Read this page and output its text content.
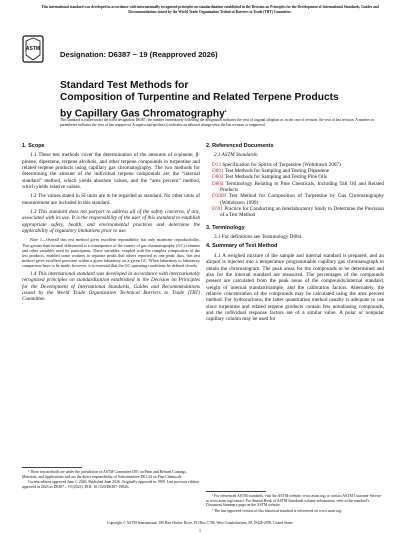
This international standard was developed in accordance with internationally recognized principles on standardization established in the Decision on Principles for the Development of International Standards, Guides and Recommendations issued by the World Trade Organization Technical Barriers to Trade (TBT) Committee.
ASTM
Designation: D6387 − 19 (Reapproved 2026)
Standard Test Methods for
Composition of Turpentine and Related Terpene Products
by Capillary Gas Chromatography$^1$
This standard is issued under the fixed designation D6387; the number immediately following the designation indicates the year of original adoption or, in the case of revision, the year of last revision. A number in parentheses indicates the year of last reapproval. A superscript epsilon (ε) indicates an editorial change since the last revision or reapproval.
1. Scope

1.1 These test methods cover the determination of the amounts of α-pinene, β-pinene, dipentene, terpene alcohols, and other terpene compounds in turpentine and related terpene products using capillary gas chromatography. The two methods for determining the amount of the individual terpene compounds are the “internal standard” method, which yields absolute values, and the “area percent” method, which yields relative values.

1.2 The values stated in SI units are to be regarded as standard. No other units of measurement are included in this standard.

1.3 This standard does not purport to address all of the safety concerns, if any, associated with its use. It is the responsibility of the user of this standard to establish appropriate safety, health, and environmental practices and determine the applicability of regulatory limitations prior to use.

Note 1—Overall this test method gives excellent repeatability but only moderate reproducibility. This greater than normal differential is a consequence of the variety of gas chromatography (GC) columns and other variables used by participants. These variables, coupled with the complex composition of the test products, enabled some workers to separate peaks that others reported as one peak; thus, this test method gives excellent precision within a given laboratory on a given GC. When laboratory to laboratory comparison have to be made, however, it is essential that the GC operating conditions be defined closely.

1.4 This international standard was developed in accordance with internationally recognized principles on standardization established in the Decision on Principles for the Development of International Standards, Guides and Recommendations issued by the World Trade Organization Technical Barriers to Trade (TBT) Committee.

¹ These test methods are under the jurisdiction of ASTM Committee D01 on Paint and Related Coatings, Materials, and Applications and are the direct responsibility of Subcommittee D01.34 on Pine Chemicals.
Current edition approved June 1, 2026. Published June 2026. Originally approved in 1999. Last previous edition approved in 2023 as D6387 – 19 (2023). DOI: 10.1520/D6387-19R26.
2. Referenced Documents

2.1 ASTM Standards:

D13 Specification for Spirits of Turpentine (Withdrawn 2007)
D801 Test Methods for Sampling and Testing Dipentene
D802 Test Methods for Sampling and Testing Pine Oils
D804 Terminology Relating to Pine Chemicals, Including Tall Oil and Related Products
D3009 Test Method for Composition of Turpentine by Gas Chromatography (Withdrawn 1999)
E691 Practice for Conducting an Interlaboratory Study to Determine the Precision of a Test Method
3. Terminology

3.1 For definitions see Terminology D804.

4. Summary of Test Method

4.1 A weighed mixture of the sample and internal standard is prepared, and an aliquot is injected into a temperature programmable capillary gas chromatograph to obtain the chromatogram. The peak areas for the compounds to be determined and also for the internal standard are measured. The percentages of the compounds present are calculated from the peak areas of the compounds/internal standard, weight of internal standard/sample, and the calibration factors. Alternately, the relative concentration of the compounds may be calculated using the area percent method. For hydrocarbons, the latter quantitation method usually is adequate to use since turpentine and related terpene products contain few nonaliasing compounds, and the individual response factors are of a similar value. A polar or nonpolar capillary column may be used for

² For referenced ASTM standards, visit the ASTM website, www.astm.org, or contact ASTM Customer Service at www.astm.org/contact. For Annual Book of ASTM Standards volume information, refer to the standard’s Document Summary page on the ASTM website.
³ The last approved version of this historical standard is referenced on www.astm.org.
Copyright © ASTM International, 100 Barr Harbor Drive, PO Box C700, West Conshohocken, PA 19428-2959. United States
1
